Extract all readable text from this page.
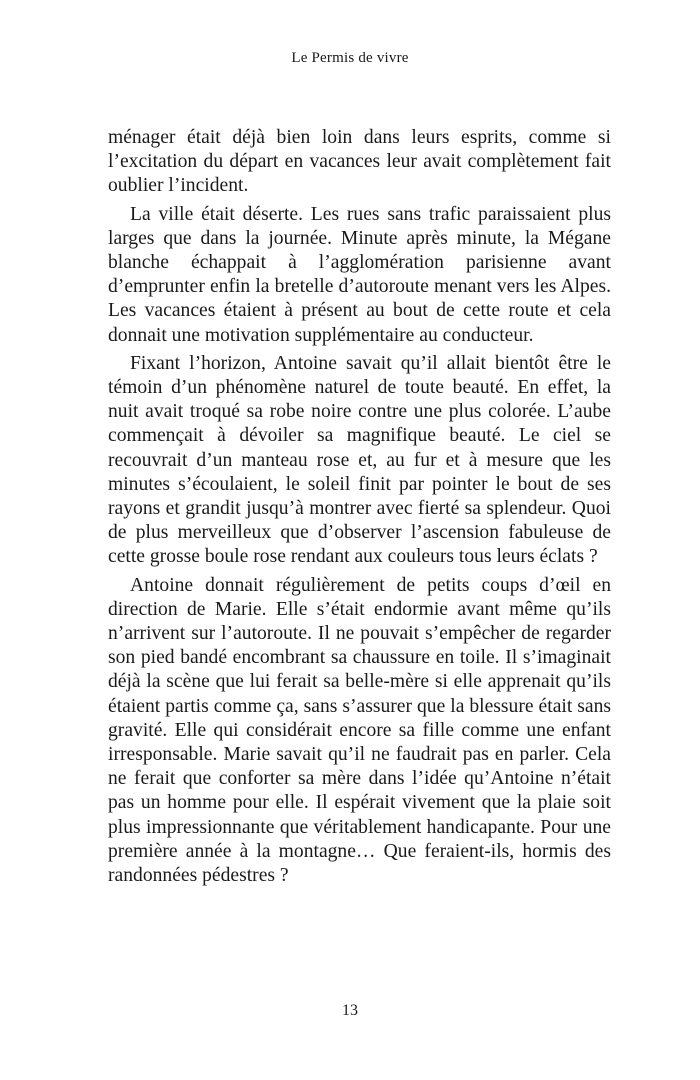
Le Permis de vivre

ménager était déjà bien loin dans leurs esprits, comme si l’excitation du départ en vacances leur avait complètement fait oublier l’incident.

La ville était déserte. Les rues sans trafic paraissaient plus larges que dans la journée. Minute après minute, la Mégane blanche échappait à l’agglomération parisienne avant d’emprunter enfin la bretelle d’autoroute menant vers les Alpes. Les vacances étaient à présent au bout de cette route et cela donnait une motivation supplémentaire au conducteur.

Fixant l’horizon, Antoine savait qu’il allait bientôt être le témoin d’un phénomène naturel de toute beauté. En effet, la nuit avait troqué sa robe noire contre une plus colorée. L’aube commençait à dévoiler sa magnifique beauté. Le ciel se recouvrait d’un manteau rose et, au fur et à mesure que les minutes s’écoulaient, le soleil finit par pointer le bout de ses rayons et grandit jusqu’à montrer avec fierté sa splendeur. Quoi de plus merveilleux que d’observer l’ascension fabuleuse de cette grosse boule rose rendant aux couleurs tous leurs éclats ?

Antoine donnait régulièrement de petits coups d’œil en direction de Marie. Elle s’était endormie avant même qu’ils n’arrivent sur l’autoroute. Il ne pouvait s’empêcher de regarder son pied bandé encombrant sa chaussure en toile. Il s’imaginait déjà la scène que lui ferait sa belle-mère si elle apprenait qu’ils étaient partis comme ça, sans s’assurer que la blessure était sans gravité. Elle qui considérait encore sa fille comme une enfant irresponsable. Marie savait qu’il ne faudrait pas en parler. Cela ne ferait que conforter sa mère dans l’idée qu’Antoine n’était pas un homme pour elle. Il espérait vivement que la plaie soit plus impressionnante que véritablement handicapante. Pour une première année à la montagne… Que feraient-ils, hormis des randonnées pédestres ?

13
